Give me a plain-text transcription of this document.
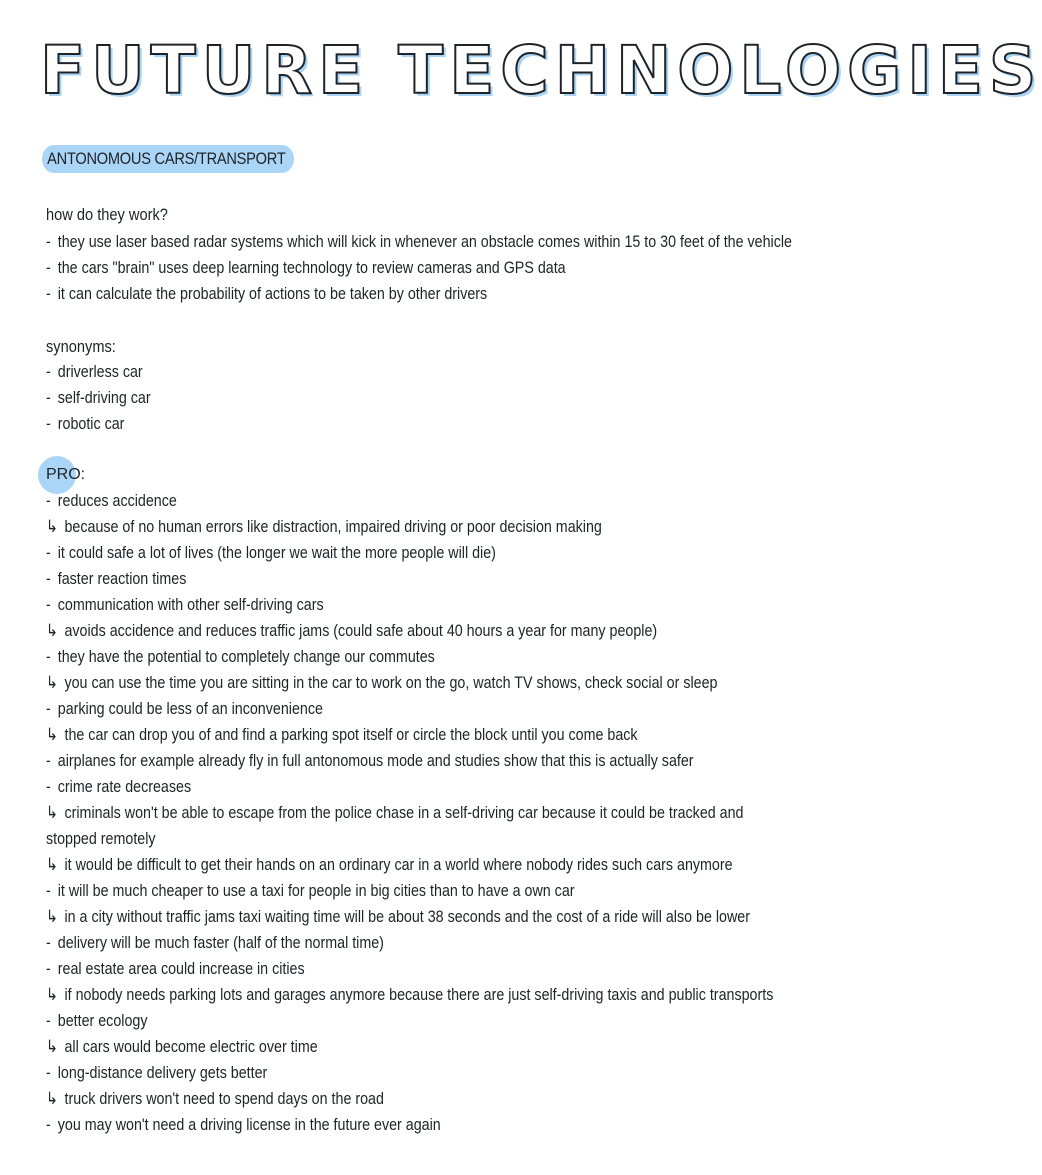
FUTURE TECHNOLOGIES
ANTONOMOUS CARS/TRANSPORT
how do they work?
- they use laser based radar systems which will kick in whenever an obstacle comes within 15 to 30 feet of the vehicle
- the cars "brain" uses deep learning technology to review cameras and GPS data
- it can calculate the probability of actions to be taken by other drivers
synonyms:
- driverless car
- self-driving car
- robotic car
PRO:
- reduces accidence
↳ because of no human errors like distraction, impaired driving or poor decision making
- it could safe a lot of lives (the longer we wait the more people will die)
- faster reaction times
- communication with other self-driving cars
↳ avoids accidence and reduces traffic jams (could safe about 40 hours a year for many people)
- they have the potential to completely change our commutes
↳ you can use the time you are sitting in the car to work on the go, watch TV shows, check social or sleep
- parking could be less of an inconvenience
↳ the car can drop you of and find a parking spot itself or circle the block until you come back
- airplanes for example already fly in full antonomous mode and studies show that this is actually safer
- crime rate decreases
↳ criminals won't be able to escape from the police chase in a self-driving car because it could be tracked and stopped remotely
↳ it would be difficult to get their hands on an ordinary car in a world where nobody rides such cars anymore
- it will be much cheaper to use a taxi for people in big cities than to have a own car
↳ in a city without traffic jams taxi waiting time will be about 38 seconds and the cost of a ride will also be lower
- delivery will be much faster (half of the normal time)
- real estate area could increase in cities
↳ if nobody needs parking lots and garages anymore because there are just self-driving taxis and public transports
- better ecology
↳ all cars would become electric over time
- long-distance delivery gets better
↳ truck drivers won't need to spend days on the road
- you may won't need a driving license in the future ever again
